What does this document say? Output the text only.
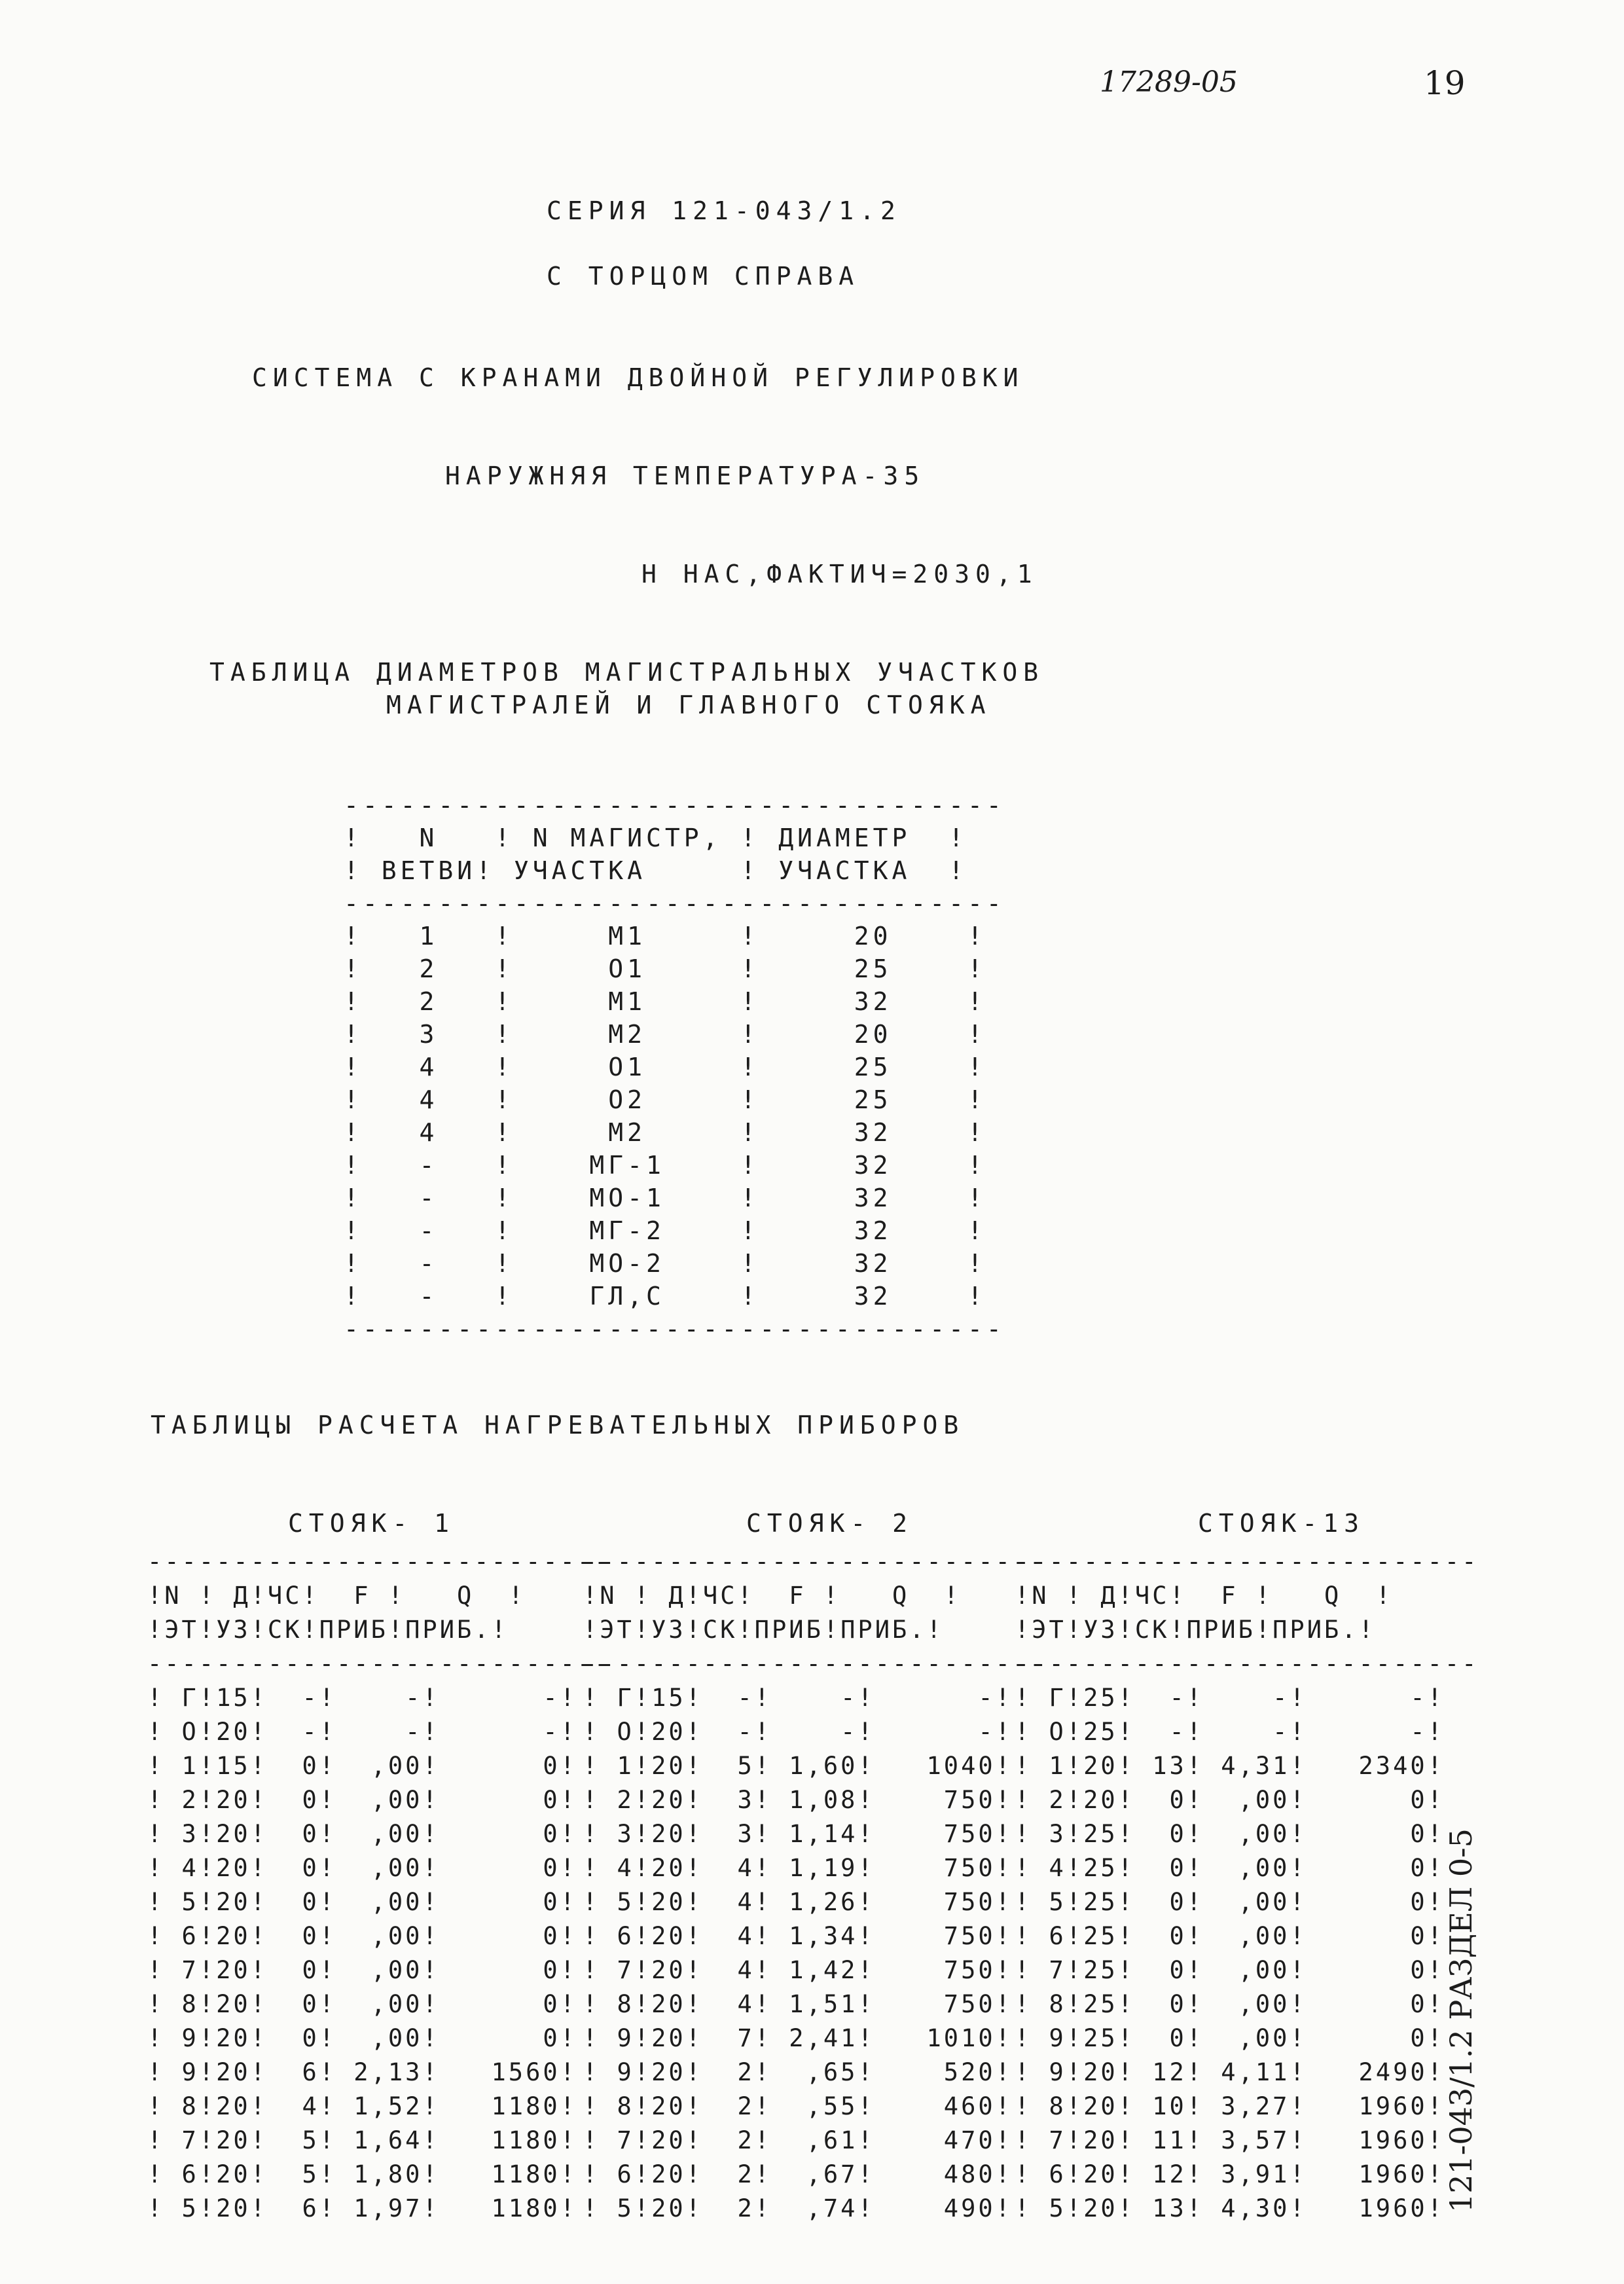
17289-05	19
СЕРИЯ 121-043/1.2
С ТОРЦОМ СПРАВА
СИСТЕМА С КРАНАМИ ДВОЙНОЙ РЕГУЛИРОВКИ
НАРУЖНЯЯ ТЕМПЕРАТУРА-35
Н НАС,ФАКТИЧ=2030,1
ТАБЛИЦА ДИАМЕТРОВ МАГИСТРАЛЬНЫХ УЧАСТКОВ
МАГИСТРАЛЕЙ И ГЛАВНОГО СТОЯКА
-----------------------------------
!   N   ! N МАГИСТР, ! ДИАМЕТР  !
! ВЕТВИ! УЧАСТКА     ! УЧАСТКА  !
-----------------------------------
!   1   !     М1     !     20    !
!   2   !     О1     !     25    !
!   2   !     М1     !     32    !
!   3   !     М2     !     20    !
!   4   !     О1     !     25    !
!   4   !     О2     !     25    !
!   4   !     М2     !     32    !
!   -   !    МГ-1    !     32    !
!   -   !    МО-1    !     32    !
!   -   !    МГ-2    !     32    !
!   -   !    МО-2    !     32    !
!   -   !    ГЛ,С    !     32    !
-----------------------------------
ТАБЛИЦЫ РАСЧЕТА НАГРЕВАТЕЛЬНЫХ ПРИБОРОВ
СТОЯК- 1	СТОЯК- 2	СТОЯК-13
---------------------------
!N ! Д!ЧС!  F !   Q  !
!ЭТ!УЗ!СК!ПРИБ!ПРИБ.!
---------------------------
! Г!15!  -!    -!      -!
! О!20!  -!    -!      -!
! 1!15!  0!  ,00!      0!
! 2!20!  0!  ,00!      0!
! 3!20!  0!  ,00!      0!
! 4!20!  0!  ,00!      0!
! 5!20!  0!  ,00!      0!
! 6!20!  0!  ,00!      0!
! 7!20!  0!  ,00!      0!
! 8!20!  0!  ,00!      0!
! 9!20!  0!  ,00!      0!
! 9!20!  6! 2,13!   1560!
! 8!20!  4! 1,52!   1180!
! 7!20!  5! 1,64!   1180!
! 6!20!  5! 1,80!   1180!
! 5!20!  6! 1,97!   1180!
---------------------------
!N ! Д!ЧС!  F !   Q  !
!ЭТ!УЗ!СК!ПРИБ!ПРИБ.!
---------------------------
! Г!15!  -!    -!      -!
! О!20!  -!    -!      -!
! 1!20!  5! 1,60!   1040!
! 2!20!  3! 1,08!    750!
! 3!20!  3! 1,14!    750!
! 4!20!  4! 1,19!    750!
! 5!20!  4! 1,26!    750!
! 6!20!  4! 1,34!    750!
! 7!20!  4! 1,42!    750!
! 8!20!  4! 1,51!    750!
! 9!20!  7! 2,41!   1010!
! 9!20!  2!  ,65!    520!
! 8!20!  2!  ,55!    460!
! 7!20!  2!  ,61!    470!
! 6!20!  2!  ,67!    480!
! 5!20!  2!  ,74!    490!
---------------------------
!N ! Д!ЧС!  F !   Q  !
!ЭТ!УЗ!СК!ПРИБ!ПРИБ.!
---------------------------
! Г!25!  -!    -!      -!
! О!25!  -!    -!      -!
! 1!20! 13! 4,31!   2340!
! 2!20!  0!  ,00!      0!
! 3!25!  0!  ,00!      0!
! 4!25!  0!  ,00!      0!
! 5!25!  0!  ,00!      0!
! 6!25!  0!  ,00!      0!
! 7!25!  0!  ,00!      0!
! 8!25!  0!  ,00!      0!
! 9!25!  0!  ,00!      0!
! 9!20! 12! 4,11!   2490!
! 8!20! 10! 3,27!   1960!
! 7!20! 11! 3,57!   1960!
! 6!20! 12! 3,91!   1960!
! 5!20! 13! 4,30!   1960!
121-043/1.2 РАЗДЕЛ 0-5
